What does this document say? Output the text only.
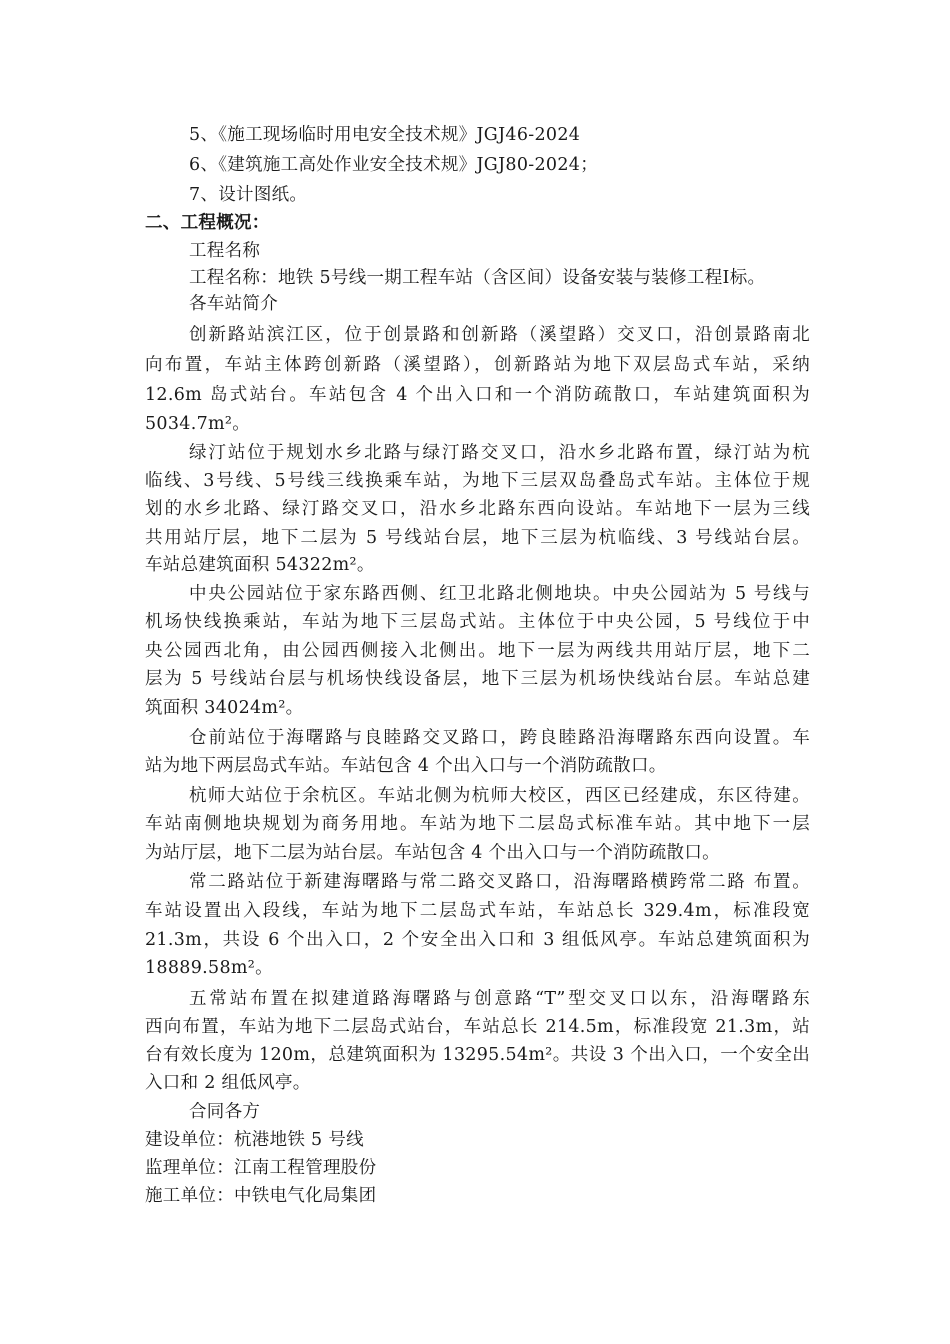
5、《施工现场临时用电安全技术规》JGJ46-2024
6、《建筑施工高处作业安全技术规》JGJ80-2024；
7、设计图纸。
二、工程概况：
工程名称
工程名称：地铁 5号线一期工程车站（含区间）设备安装与装修工程Ⅰ标。
各车站简介
创新路站滨江区，位于创景路和创新路（溪望路）交叉口，沿创景路南北
向布置，车站主体跨创新路（溪望路），创新路站为地下双层岛式车站，采纳
12.6m 岛式站台。车站包含 4 个出入口和一个消防疏散口，车站建筑面积为
5034.7m²。
绿汀站位于规划水乡北路与绿汀路交叉口，沿水乡北路布置，绿汀站为杭
临线、3号线、5号线三线换乘车站，为地下三层双岛叠岛式车站。主体位于规
划的水乡北路、绿汀路交叉口，沿水乡北路东西向设站。车站地下一层为三线
共用站厅层，地下二层为 5 号线站台层，地下三层为杭临线、3 号线站台层。
车站总建筑面积 54322m²。
中央公园站位于家东路西侧、红卫北路北侧地块。中央公园站为 5 号线与
机场快线换乘站，车站为地下三层岛式站。主体位于中央公园，5 号线位于中
央公园西北角，由公园西侧接入北侧出。地下一层为两线共用站厅层，地下二
层为 5 号线站台层与机场快线设备层，地下三层为机场快线站台层。车站总建
筑面积 34024m²。
仓前站位于海曙路与良睦路交叉路口，跨良睦路沿海曙路东西向设置。车
站为地下两层岛式车站。车站包含 4 个出入口与一个消防疏散口。
杭师大站位于余杭区。车站北侧为杭师大校区，西区已经建成，东区待建。
车站南侧地块规划为商务用地。车站为地下二层岛式标准车站。其中地下一层
为站厅层，地下二层为站台层。车站包含 4 个出入口与一个消防疏散口。
常二路站位于新建海曙路与常二路交叉路口，沿海曙路横跨常二路 布置。
车站设置出入段线，车站为地下二层岛式车站，车站总长 329.4m，标准段宽
21.3m，共设 6 个出入口，2 个安全出入口和 3 组低风亭。车站总建筑面积为
18889.58m²。
五常站布置在拟建道路海曙路与创意路“T”型交叉口以东，沿海曙路东
西向布置，车站为地下二层岛式站台，车站总长 214.5m，标准段宽 21.3m，站
台有效长度为 120m，总建筑面积为 13295.54m²。共设 3 个出入口，一个安全出
入口和 2 组低风亭。
合同各方
建设单位：杭港地铁 5 号线
监理单位：江南工程管理股份
施工单位：中铁电气化局集团
